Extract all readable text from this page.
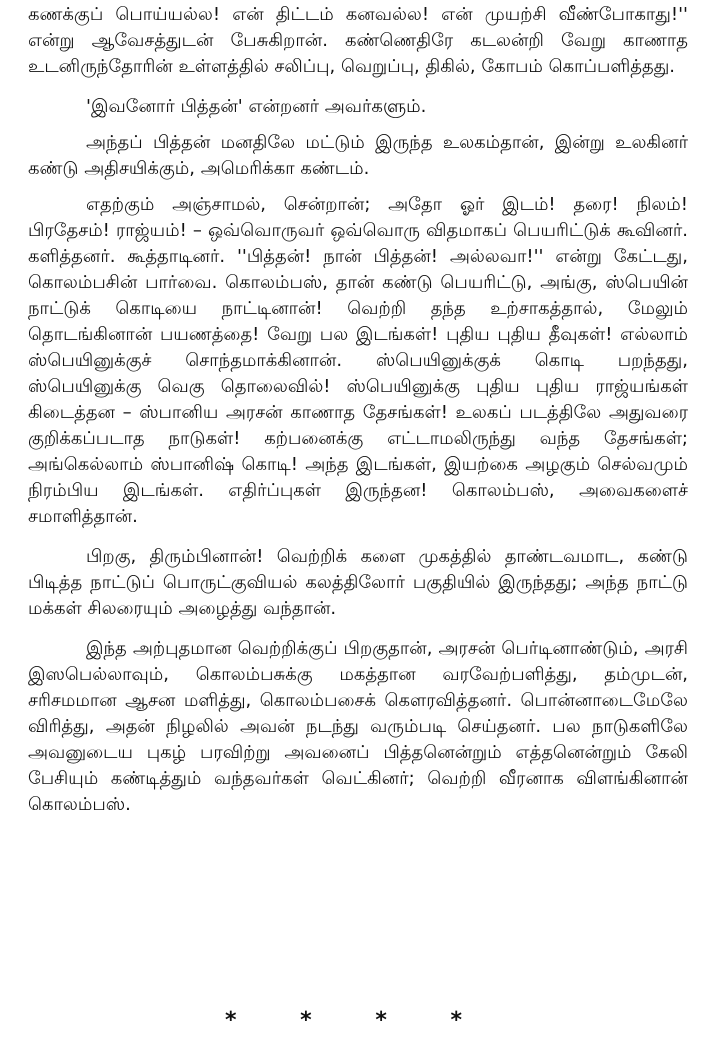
கணக்குப் பொய்யல்ல! என் திட்டம் கனவல்ல! என் முயற்சி வீண்போகாது!'' என்று ஆவேசத்துடன் பேசுகிறான். கண்ணெதிரே கடலன்றி வேறு காணாத உடனிருந்தோரின் உள்ளத்தில் சலிப்பு, வெறுப்பு, திகில், கோபம் கொப்பளித்தது.

'இவனோர் பித்தன்' என்றனர் அவர்களும்.

அந்தப் பித்தன் மனதிலே மட்டும் இருந்த உலகம்தான், இன்று உலகினர் கண்டு அதிசயிக்கும், அமெரிக்கா கண்டம்.

எதற்கும் அஞ்சாமல், சென்றான்; அதோ ஓர் இடம்! தரை! நிலம்! பிரதேசம்! ராஜ்யம்! – ஒவ்வொருவர் ஒவ்வொரு விதமாகப் பெயரிட்டுக் கூவினர். களித்தனர். கூத்தாடினர். ''பித்தன்! நான் பித்தன்! அல்லவா!'' என்று கேட்டது, கொலம்பசின் பார்வை. கொலம்பஸ், தான் கண்டு பெயரிட்டு, அங்கு, ஸ்பெயின் நாட்டுக் கொடியை நாட்டினான்! வெற்றி தந்த உற்சாகத்தால், மேலும் தொடங்கினான் பயணத்தை! வேறு பல இடங்கள்! புதிய புதிய தீவுகள்! எல்லாம் ஸ்பெயினுக்குச் சொந்தமாக்கினான். ஸ்பெயினுக்குக் கொடி பறந்தது, ஸ்பெயினுக்கு வெகு தொலைவில்! ஸ்பெயினுக்கு புதிய புதிய ராஜ்யங்கள் கிடைத்தன – ஸ்பானிய அரசன் காணாத தேசங்கள்! உலகப் படத்திலே அதுவரை குறிக்கப்படாத நாடுகள்! கற்பனைக்கு எட்டாமலிருந்து வந்த தேசங்கள்; அங்கெல்லாம் ஸ்பானிஷ் கொடி! அந்த இடங்கள், இயற்கை அழகும் செல்வமும் நிரம்பிய இடங்கள். எதிர்ப்புகள் இருந்தன! கொலம்பஸ், அவைகளைச் சமாளித்தான்.

பிறகு, திரும்பினான்! வெற்றிக் களை முகத்தில் தாண்டவமாட, கண்டு பிடித்த நாட்டுப் பொருட்குவியல் கலத்திலோர் பகுதியில் இருந்தது; அந்த நாட்டு மக்கள் சிலரையும் அழைத்து வந்தான்.

இந்த அற்புதமான வெற்றிக்குப் பிறகுதான், அரசன் பெர்டினாண்டும், அரசி இஸபெல்லாவும், கொலம்பசுக்கு மகத்தான வரவேற்பளித்து, தம்முடன், சரிசமமான ஆசன மளித்து, கொலம்பசைக் கௌரவித்தனர். பொன்னாடைமேலே விரித்து, அதன் நிழலில் அவன் நடந்து வரும்படி செய்தனர். பல நாடுகளிலே அவனுடைய புகழ் பரவிற்று அவனைப் பித்தனென்றும் எத்தனென்றும் கேலி பேசியும் கண்டித்தும் வந்தவர்கள் வெட்கினர்; வெற்றி வீரனாக விளங்கினான் கொலம்பஸ்.

* * * *
